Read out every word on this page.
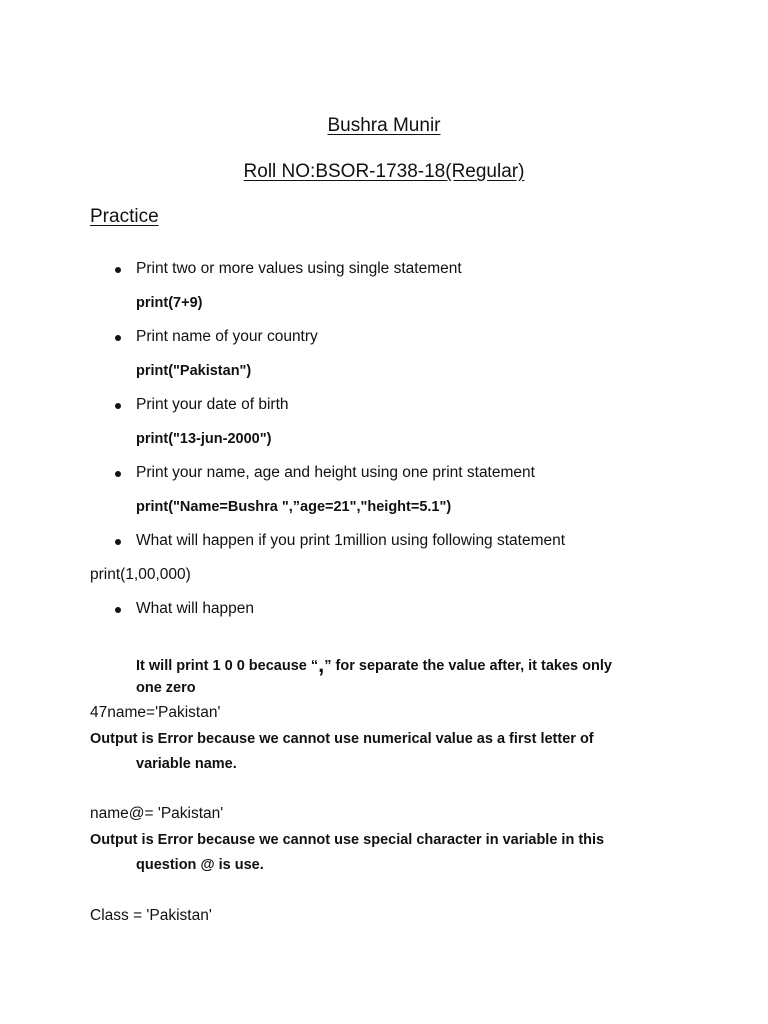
Bushra Munir
Roll NO:BSOR-1738-18(Regular)
Practice
Print two or more values using single statement
print(7+9)
Print name of your country
print("Pakistan")
Print your date of birth
print("13-jun-2000")
Print your name, age and height using one print statement
print("Name=Bushra ",”age=21","height=5.1")
What will happen if you print 1million using following statement
print(1,00,000)
What will happen
It will print 1 0 0 because “,” for separate the value after, it takes only
one zero
47name='Pakistan'
Output is Error because we cannot use numerical value as a first letter of
variable name.
name@= 'Pakistan'
Output is Error because we cannot use special character in variable in this
question @ is use.
Class = 'Pakistan'
